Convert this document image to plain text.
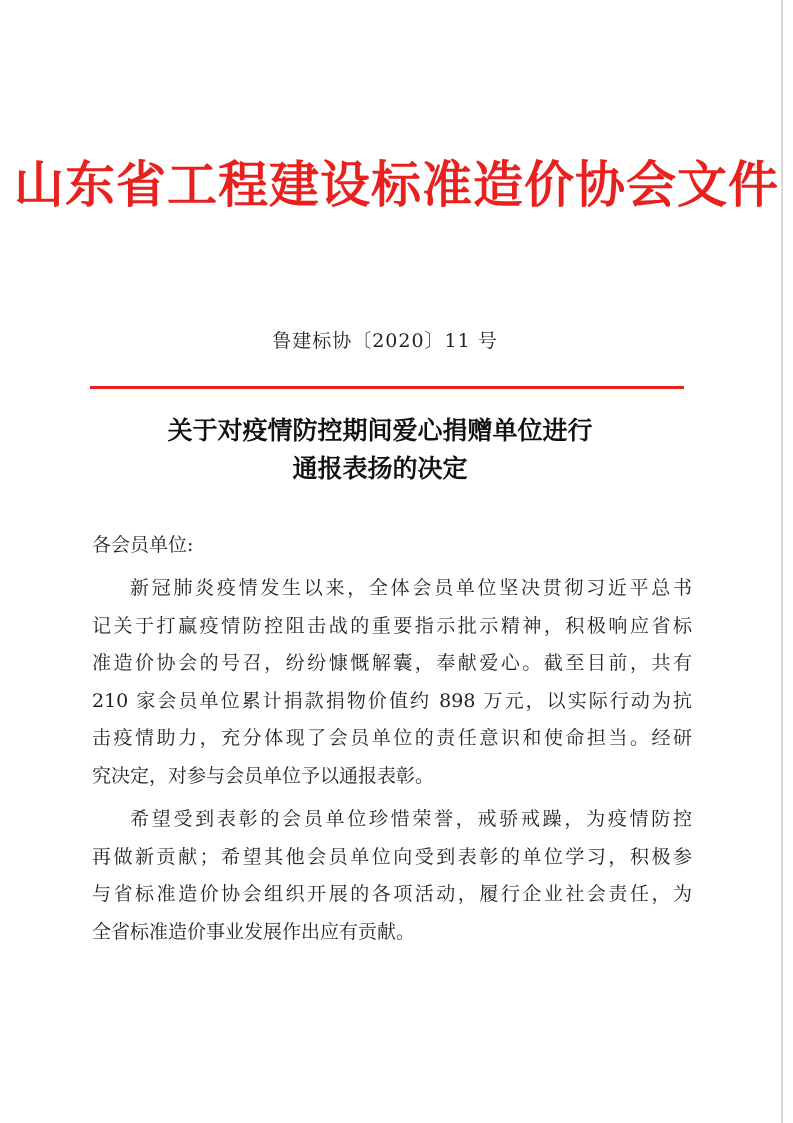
山东省工程建设标准造价协会文件
鲁建标协〔2020〕11 号
关于对疫情防控期间爱心捐赠单位进行
通报表扬的决定
各会员单位:
新冠肺炎疫情发生以来，全体会员单位坚决贯彻习近平总书
记关于打赢疫情防控阻击战的重要指示批示精神，积极响应省标
准造价协会的号召，纷纷慷慨解囊，奉献爱心。截至目前，共有
210 家会员单位累计捐款捐物价值约 898 万元，以实际行动为抗
击疫情助力，充分体现了会员单位的责任意识和使命担当。经研
究决定，对参与会员单位予以通报表彰。
希望受到表彰的会员单位珍惜荣誉，戒骄戒躁，为疫情防控
再做新贡献；希望其他会员单位向受到表彰的单位学习，积极参
与省标准造价协会组织开展的各项活动，履行企业社会责任，为
全省标准造价事业发展作出应有贡献。
